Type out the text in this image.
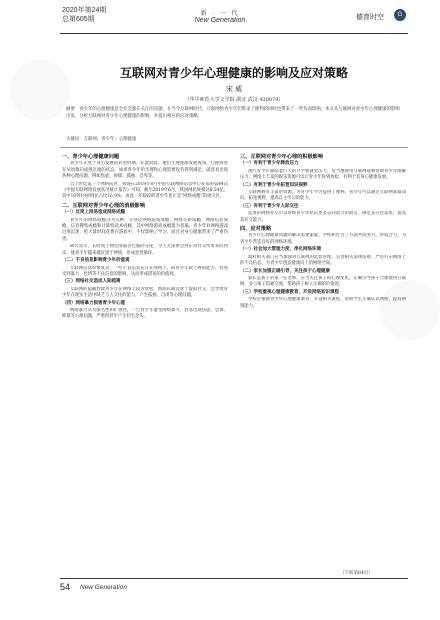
2020年第24期
总第605期
新 · 一 代
New Generation	德育时空	G
互联网对青少年心理健康的影响及应对策略
宋 威
（华中师范大学文学院 湖北 武汉 430079）
摘要：青少年的心理健康是全社会都在关注的问题，在当今互联网时代，互联网给青少年们带来了便利的同时也带来了一些负面影响，本文从互联网对青少年心理健康的影响出发，分析互联网对青少年心理健康的影响，并提出相应的应对策略。
关键词：互联网；青少年；心理健康
一、青少年心理健康问题

青少年正处于身心发展的转型时期，在此阶段，他们生理逐渐发展成熟，心理则处在从幼稚向成熟过渡的状态。如果青少年的生理和心理需要没有得到满足，就容易出现各种心理问题，例如焦虑、抑郁、孤独、自卑等。

自上世纪第一个网络问世，到现在2019年8月中国互联网络信息中心发布的第44次《中国互联网络发展状况统计报告》可知，截至2019年6月，我国网民规模达8.54亿，其中10到19岁网民占比16.9%。由此一年龄段的青少年也正是“网络成瘾”的重灾区。

二、互联网对青少年心理的消极影响
（一）过度上网易造成网络成瘾

青少年的网络成瘾分为五种，分别是网络游戏成瘾、网络关系成瘾、网络信息成瘾、信息搜集成瘾和计算机技术成瘾，其中网络游戏成瘾最为普遍。青少年对网络游戏过度沉迷，把大量时间花费在游戏中，不仅影响了学习，而且对身心健康带来了严重伤害。

研究显示，长时间上网会削弱多巴胺的分泌，令人无法体会到正常社交所带来的快乐，使青少年越来越沉迷于网络，形成恶性循环。

（二）不良信息影响青少年价值观

互联网信息纷繁复杂，一些不良信息充斥在网络上，而青少年缺乏辨别能力，容易受到暴力、色情等不良信息的影响，从而形成错误的价值观。

（三）网络社交造成人际疏离

互联网的隐蔽性使青少年在网络上较为放松，然而长期沉迷于虚拟社交，会导致青少年在现实生活中缺乏与人交往的能力，产生孤独、自闭等心理问题。

（四）网络暴力损害青少年心理

网络暴力具有匿名性和扩散性，一旦青少年遭受网络暴力，容易出现焦虑、恐惧、抑郁等心理问题，严重时甚至产生轻生念头。

三、互联网对青少年心理的积极影响
（一）有利于青少年释放压力

现代青少年面临着巨大的升学和就业压力，适当地使用互联网能够帮助青少年缓解压力，网络上丰富的娱乐资源可以让青少年得到放松，有利于其身心健康发展。

（二）有利于青少年拓宽知识视野

互联网拥有丰富的资源，为青少年学习提供了便利，青少年可以通过互联网获取知识，拓宽视野，提高自主学习的能力。

（三）有利于青少年人际交往

适度的网络社交可以帮助青少年结识更多志同道合的朋友，满足其交往需求，提高其社交能力。

四、应对策略

青少年心理健康问题的解决需要家庭、学校和社会三方面共同努力，形成合力，为青少年营造良好的网络环境。

（一）社会加大管理力度，净化网络环境

政府相关部门应当加强对互联网的监督管理，完善相关法律法规，严厉打击网络上的不良信息，为青少年创造健康向上的网络空间。

（二）家长加强正确引导，关注孩子心理健康

家长是孩子的第一任老师，应当关注孩子的心理变化，正确引导孩子合理使用互联网，多与孩子沟通交流，帮助孩子树立正确的价值观。

（三）学校重视心理健康教育，开设网络知识课程

学校应重视青少年心理健康教育，开设相关课程，帮助学生正确认识网络，提高辨别能力。

（下转第84页）
54 New Generation
